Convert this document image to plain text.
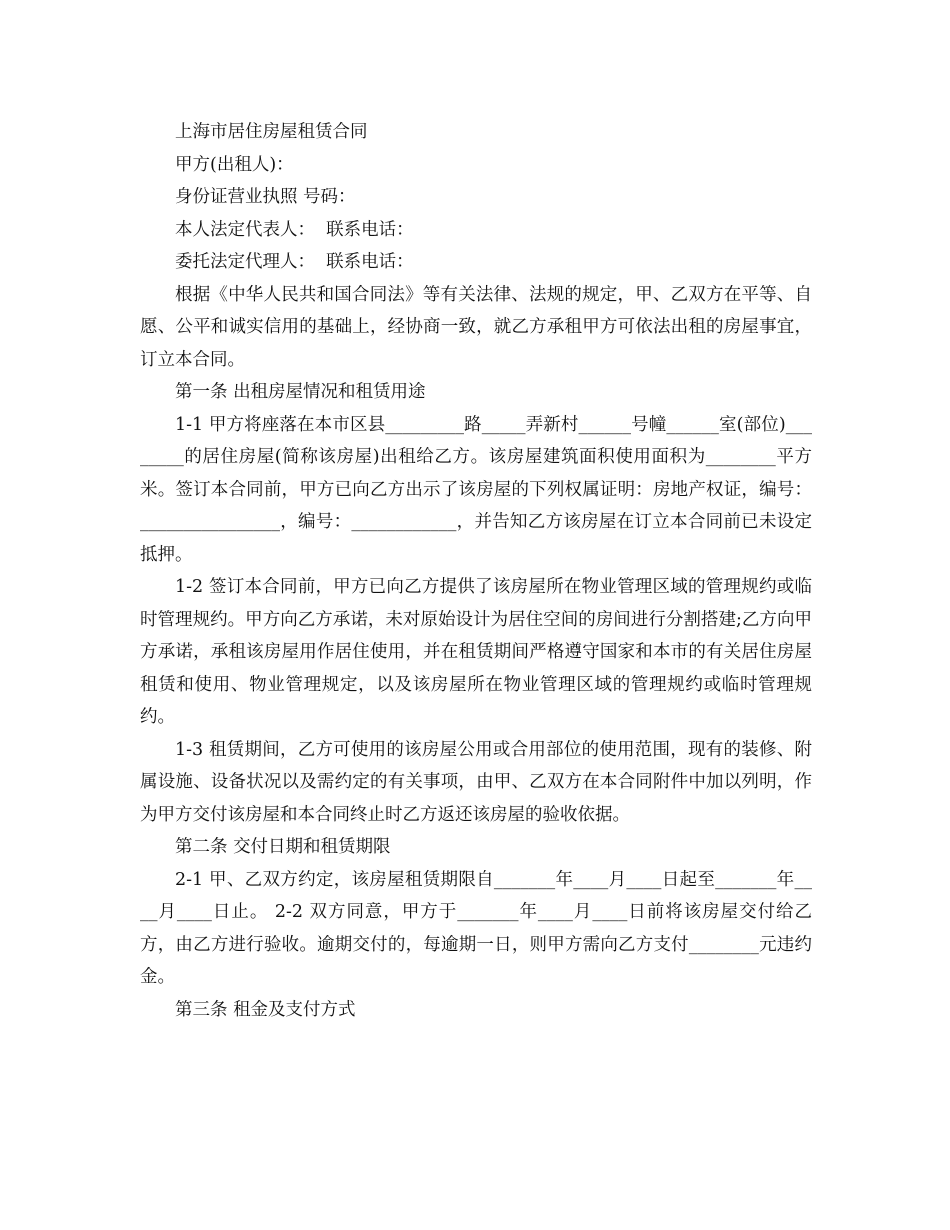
上海市居住房屋租赁合同

甲方(出租人)：

身份证营业执照 号码：

本人法定代表人：  联系电话：

委托法定代理人：  联系电话：

根据《中华人民共和国合同法》等有关法律、法规的规定，甲、乙双方在平等、自愿、公平和诚实信用的基础上，经协商一致，就乙方承租甲方可依法出租的房屋事宜，订立本合同。

第一条 出租房屋情况和租赁用途

1-1 甲方将座落在本市区县_________路_____弄新村______号幢______室(部位)________的居住房屋(简称该房屋)出租给乙方。该房屋建筑面积使用面积为________平方米。签订本合同前，甲方已向乙方出示了该房屋的下列权属证明：房地产权证，编号：________________，编号：____________，并告知乙方该房屋在订立本合同前已未设定抵押。

1-2 签订本合同前，甲方已向乙方提供了该房屋所在物业管理区域的管理规约或临时管理规约。甲方向乙方承诺，未对原始设计为居住空间的房间进行分割搭建;乙方向甲方承诺，承租该房屋用作居住使用，并在租赁期间严格遵守国家和本市的有关居住房屋租赁和使用、物业管理规定，以及该房屋所在物业管理区域的管理规约或临时管理规约。

1-3 租赁期间，乙方可使用的该房屋公用或合用部位的使用范围，现有的装修、附属设施、设备状况以及需约定的有关事项，由甲、乙双方在本合同附件中加以列明，作为甲方交付该房屋和本合同终止时乙方返还该房屋的验收依据。

第二条 交付日期和租赁期限

2-1 甲、乙双方约定，该房屋租赁期限自_______年____月____日起至_______年____月____日止。 2-2 双方同意，甲方于_______年____月____日前将该房屋交付给乙方，由乙方进行验收。逾期交付的，每逾期一日，则甲方需向乙方支付________元违约金。

第三条 租金及支付方式
